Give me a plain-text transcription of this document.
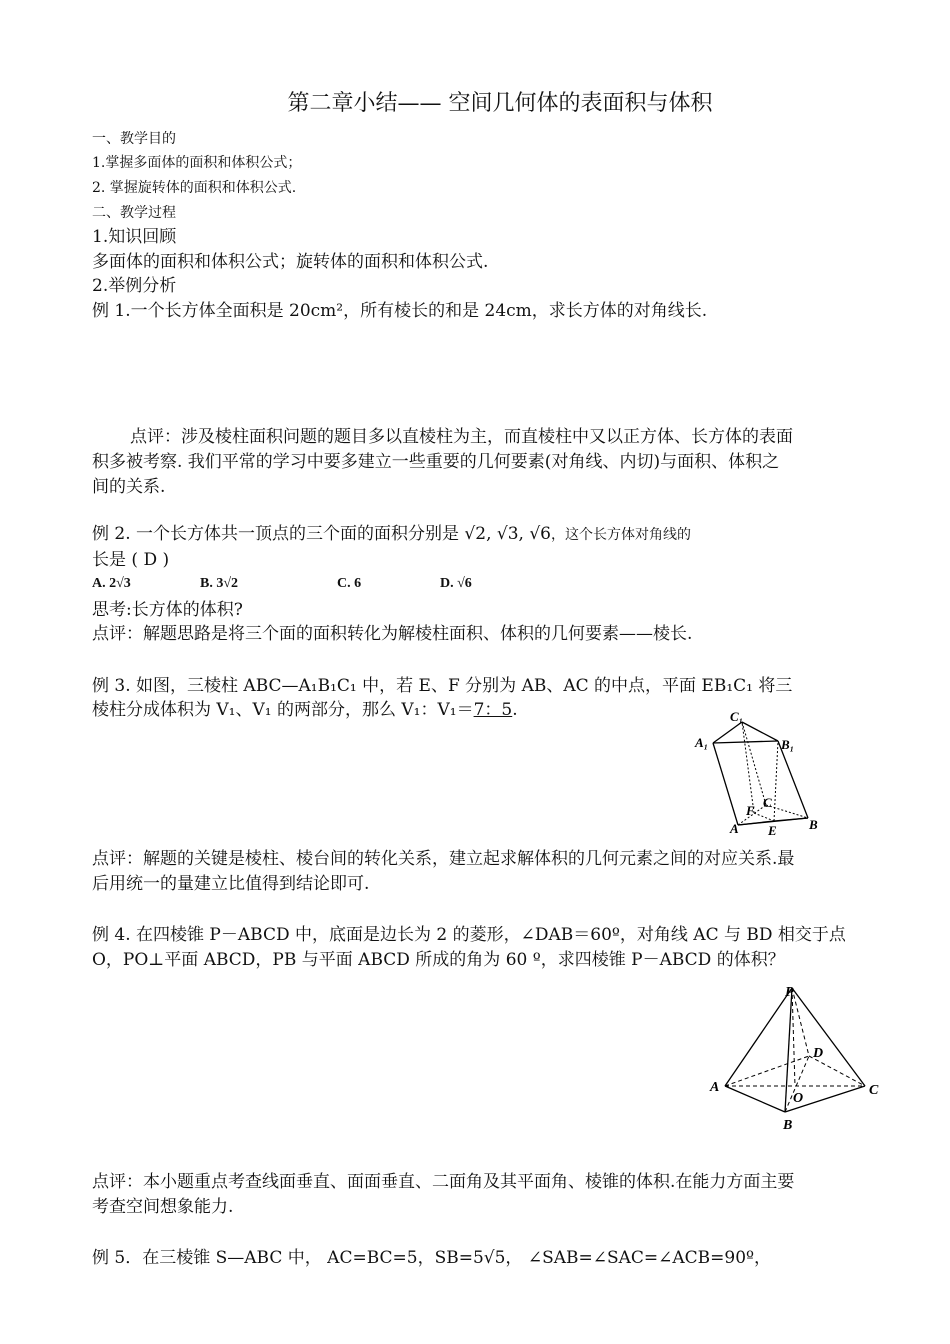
第二章小结—— 空间几何体的表面积与体积
一、教学目的
1.掌握多面体的面积和体积公式；
2. 掌握旋转体的面积和体积公式.
二、教学过程
1.知识回顾
多面体的面积和体积公式；旋转体的面积和体积公式.
2.举例分析
例 1.一个长方体全面积是 20cm²，所有棱长的和是 24cm，求长方体的对角线长.
点评：涉及棱柱面积问题的题目多以直棱柱为主，而直棱柱中又以正方体、长方体的表面
积多被考察. 我们平常的学习中要多建立一些重要的几何要素(对角线、内切)与面积、体积之
间的关系.
例 2. 一个长方体共一顶点的三个面的面积分别是 √2, √3, √6，这个长方体对角线的
长是 ( D )
A. 2√3	B. 3√2	C. 6	D. √6
思考:长方体的体积?
点评：解题思路是将三个面的面积转化为解棱柱面积、体积的几何要素——棱长.
例 3. 如图，三棱柱 ABC—A₁B₁C₁ 中，若 E、F 分别为 AB、AC 的中点，平面 EB₁C₁ 将三
棱柱分成体积为 V₁、V₁ 的两部分，那么 V₁：V₁＝7：5.	C₁
A₁	B₁
C
F
A E B
点评：解题的关键是棱柱、棱台间的转化关系，建立起求解体积的几何元素之间的对应关系.最
后用统一的量建立比值得到结论即可.
例 4. 在四棱锥 P－ABCD 中，底面是边长为 2 的菱形，∠DAB＝60º，对角线 AC 与 BD 相交于点
O，PO⊥平面 ABCD，PB 与平面 ABCD 所成的角为 60 º，求四棱锥 P－ABCD 的体积？
P
D
A
O
C
B
点评：本小题重点考查线面垂直、面面垂直、二面角及其平面角、棱锥的体积.在能力方面主要
考查空间想象能力.
例 5．在三棱锥 S—ABC 中， AC=BC=5，SB=5√5， ∠SAB=∠SAC=∠ACB=90º，
